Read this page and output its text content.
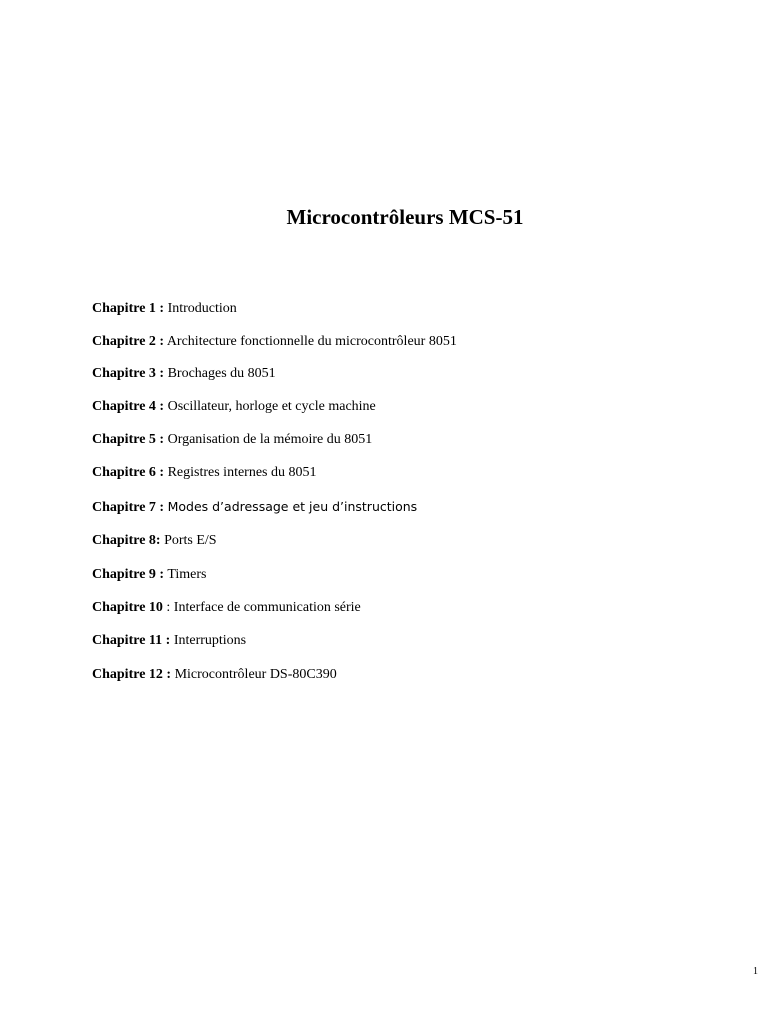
Microcontrôleurs MCS-51
Chapitre 1 : Introduction
Chapitre 2 : Architecture fonctionnelle du microcontrôleur 8051
Chapitre 3 : Brochages du 8051
Chapitre 4 : Oscillateur, horloge et cycle machine
Chapitre 5 : Organisation de la mémoire du 8051
Chapitre 6 : Registres internes du 8051
Chapitre 7 : Modes d’adressage et jeu d’instructions
Chapitre 8: Ports E/S
Chapitre 9 : Timers
Chapitre 10 : Interface de communication série
Chapitre 11 : Interruptions
Chapitre 12 : Microcontrôleur DS-80C390
1
